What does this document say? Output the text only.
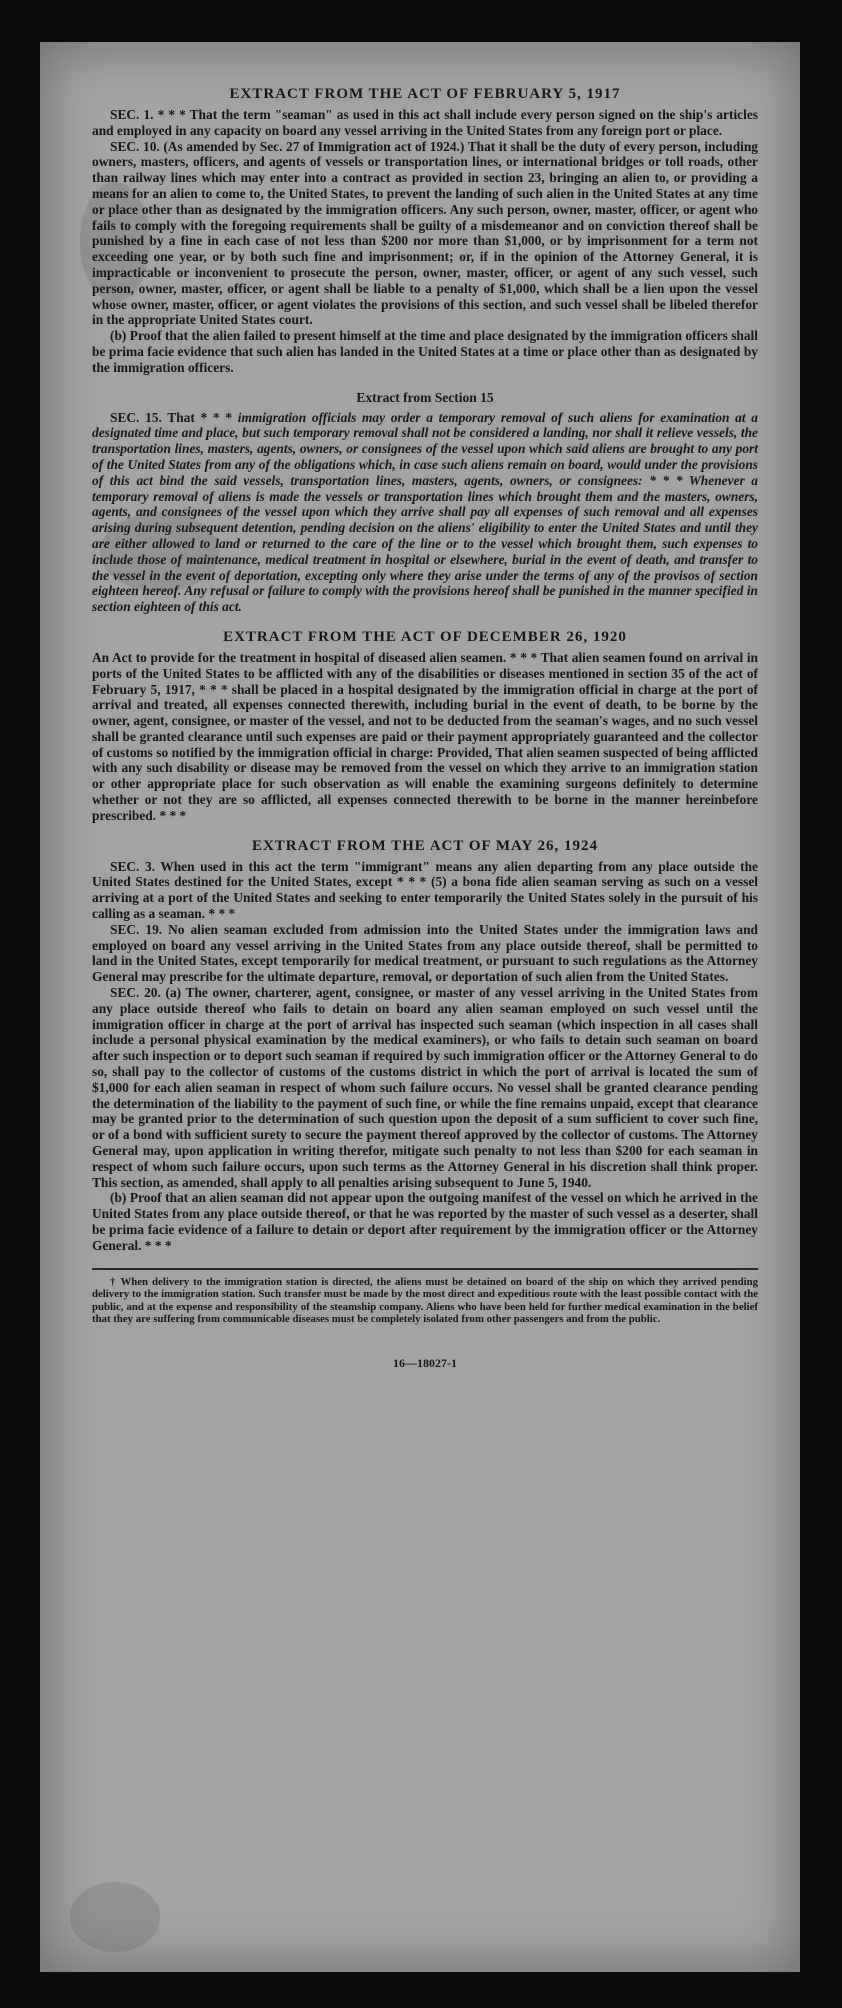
EXTRACT FROM THE ACT OF FEBRUARY 5, 1917

SEC. 1. * * * That the term "seaman" as used in this act shall include every person signed on the ship's articles and employed in any capacity on board any vessel arriving in the United States from any foreign port or place.

SEC. 10. (As amended by Sec. 27 of Immigration act of 1924.) That it shall be the duty of every person, including owners, masters, officers, and agents of vessels or transportation lines, or international bridges or toll roads, other than railway lines which may enter into a contract as provided in section 23, bringing an alien to, or providing a means for an alien to come to, the United States, to prevent the landing of such alien in the United States at any time or place other than as designated by the immigration officers. Any such person, owner, master, officer, or agent who fails to comply with the foregoing requirements shall be guilty of a misdemeanor and on conviction thereof shall be punished by a fine in each case of not less than $200 nor more than $1,000, or by imprisonment for a term not exceeding one year, or by both such fine and imprisonment; or, if in the opinion of the Attorney General, it is impracticable or inconvenient to prosecute the person, owner, master, officer, or agent of any such vessel, such person, owner, master, officer, or agent shall be liable to a penalty of $1,000, which shall be a lien upon the vessel whose owner, master, officer, or agent violates the provisions of this section, and such vessel shall be libeled therefor in the appropriate United States court.

(b) Proof that the alien failed to present himself at the time and place designated by the immigration officers shall be prima facie evidence that such alien has landed in the United States at a time or place other than as designated by the immigration officers.

Extract from Section 15

SEC. 15. That * * * immigration officials may order a temporary removal of such aliens for examination at a designated time and place, but such temporary removal shall not be considered a landing, nor shall it relieve vessels, the transportation lines, masters, agents, owners, or consignees of the vessel upon which said aliens are brought to any port of the United States from any of the obligations which, in case such aliens remain on board, would under the provisions of this act bind the said vessels, transportation lines, masters, agents, owners, or consignees: * * * Whenever a temporary removal of aliens is made the vessels or transportation lines which brought them and the masters, owners, agents, and consignees of the vessel upon which they arrive shall pay all expenses of such removal and all expenses arising during subsequent detention, pending decision on the aliens' eligibility to enter the United States and until they are either allowed to land or returned to the care of the line or to the vessel which brought them, such expenses to include those of maintenance, medical treatment in hospital or elsewhere, burial in the event of death, and transfer to the vessel in the event of deportation, excepting only where they arise under the terms of any of the provisos of section eighteen hereof. Any refusal or failure to comply with the provisions hereof shall be punished in the manner specified in section eighteen of this act.

EXTRACT FROM THE ACT OF DECEMBER 26, 1920

An Act to provide for the treatment in hospital of diseased alien seamen. * * * That alien seamen found on arrival in ports of the United States to be afflicted with any of the disabilities or diseases mentioned in section 35 of the act of February 5, 1917, * * * shall be placed in a hospital designated by the immigration official in charge at the port of arrival and treated, all expenses connected therewith, including burial in the event of death, to be borne by the owner, agent, consignee, or master of the vessel, and not to be deducted from the seaman's wages, and no such vessel shall be granted clearance until such expenses are paid or their payment appropriately guaranteed and the collector of customs so notified by the immigration official in charge: Provided, That alien seamen suspected of being afflicted with any such disability or disease may be removed from the vessel on which they arrive to an immigration station or other appropriate place for such observation as will enable the examining surgeons definitely to determine whether or not they are so afflicted, all expenses connected therewith to be borne in the manner hereinbefore prescribed. * * *

EXTRACT FROM THE ACT OF MAY 26, 1924

SEC. 3. When used in this act the term "immigrant" means any alien departing from any place outside the United States destined for the United States, except * * * (5) a bona fide alien seaman serving as such on a vessel arriving at a port of the United States and seeking to enter temporarily the United States solely in the pursuit of his calling as a seaman. * * *

SEC. 19. No alien seaman excluded from admission into the United States under the immigration laws and employed on board any vessel arriving in the United States from any place outside thereof, shall be permitted to land in the United States, except temporarily for medical treatment, or pursuant to such regulations as the Attorney General may prescribe for the ultimate departure, removal, or deportation of such alien from the United States.

SEC. 20. (a) The owner, charterer, agent, consignee, or master of any vessel arriving in the United States from any place outside thereof who fails to detain on board any alien seaman employed on such vessel until the immigration officer in charge at the port of arrival has inspected such seaman (which inspection in all cases shall include a personal physical examination by the medical examiners), or who fails to detain such seaman on board after such inspection or to deport such seaman if required by such immigration officer or the Attorney General to do so, shall pay to the collector of customs of the customs district in which the port of arrival is located the sum of $1,000 for each alien seaman in respect of whom such failure occurs. No vessel shall be granted clearance pending the determination of the liability to the payment of such fine, or while the fine remains unpaid, except that clearance may be granted prior to the determination of such question upon the deposit of a sum sufficient to cover such fine, or of a bond with sufficient surety to secure the payment thereof approved by the collector of customs. The Attorney General may, upon application in writing therefor, mitigate such penalty to not less than $200 for each seaman in respect of whom such failure occurs, upon such terms as the Attorney General in his discretion shall think proper. This section, as amended, shall apply to all penalties arising subsequent to June 5, 1940.

(b) Proof that an alien seaman did not appear upon the outgoing manifest of the vessel on which he arrived in the United States from any place outside thereof, or that he was reported by the master of such vessel as a deserter, shall be prima facie evidence of a failure to detain or deport after requirement by the immigration officer or the Attorney General. * * *

† When delivery to the immigration station is directed, the aliens must be detained on board of the ship on which they arrived pending delivery to the immigration station. Such transfer must be made by the most direct and expeditious route with the least possible contact with the public, and at the expense and responsibility of the steamship company. Aliens who have been held for further medical examination in the belief that they are suffering from communicable diseases must be completely isolated from other passengers and from the public.

16—18027-1
